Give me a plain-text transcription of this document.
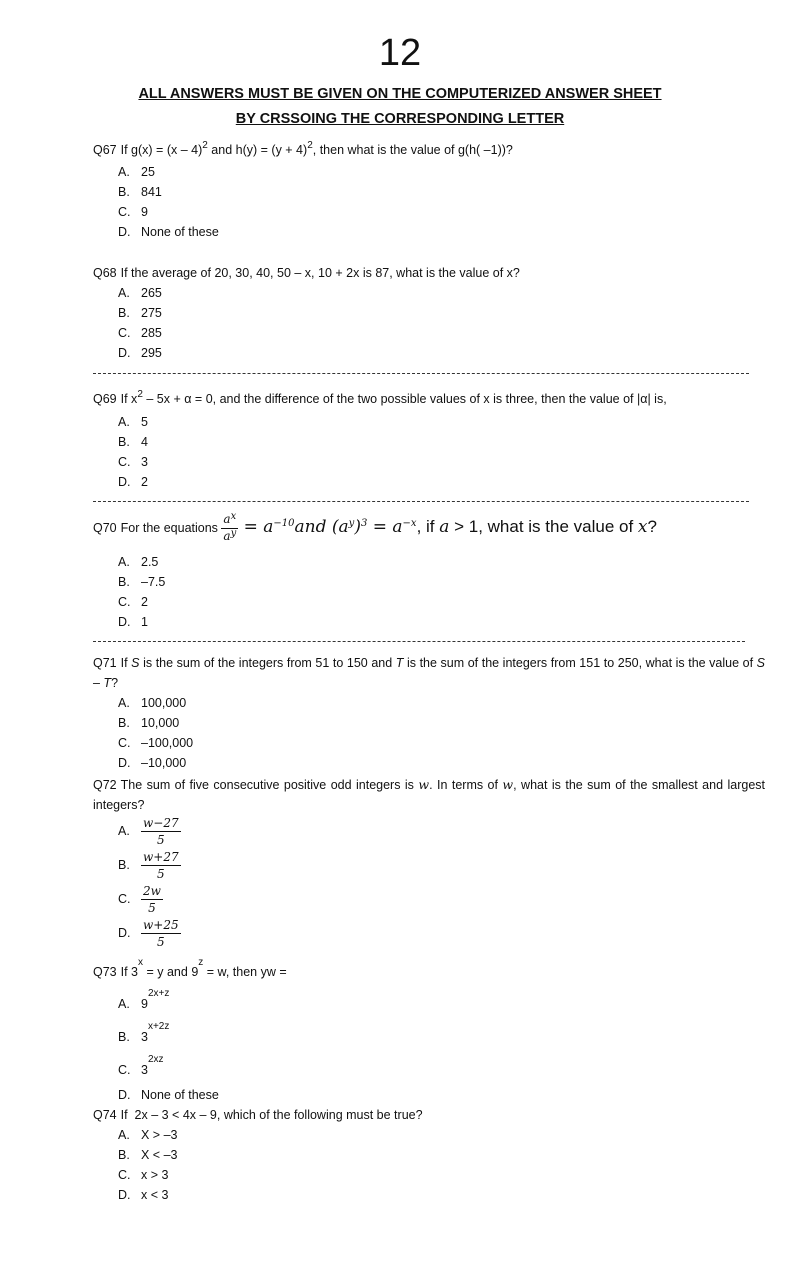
12
ALL ANSWERS MUST BE GIVEN ON THE COMPUTERIZED ANSWER SHEET
BY CRSSOING THE CORRESPONDING LETTER
Q67 If g(x) = (x – 4)$^2$ and $h(y) = (y + 4)^2$, then what is the value of g(h( –1))?
A. 25
B. 841
C. 9
D. None of these
Q68 If the average of 20, 30, 40, 50 – x, 10 + 2x is 87, what is the value of x?
A. 265
B. 275
C. 285
D. 295
Q69 If $x^2 - 5x + \alpha = 0$, and the difference of the two possible values of x is three, then the value of |α| is,
A. 5
B. 4
C. 3
D. 2
Q70 For the equations $\frac{a^x}{a^y} = a^{-10}and$ $(a^y)^3 = a^{-x}$, if a > 1, what is the value of x?
A. 2.5
B. –7.5
C. 2
D. 1
Q71 If S is the sum of the integers from 51 to 150 and T is the sum of the integers from 151 to 250, what is the value of S – T?
A. 100,000
B. 10,000
C. –100,000
D. –10,000
Q72 The sum of five consecutive positive odd integers is w. In terms of w, what is the sum of the smallest and largest integers?
A. $\frac{w-27}{5}$
B. $\frac{w+27}{5}$
C. $\frac{2w}{5}$
D. $\frac{w+25}{5}$
Q73 If $3^x = y$ and $9^z = w$, then yw =
A. $9^{2x+z}$
B. $3^{x+2z}$
C. $3^{2xz}$
D. None of these
Q74 If  2x – 3 < 4x – 9, which of the following must be true?
A. X > –3
B. X < –3
C. x > 3
D. x < 3
